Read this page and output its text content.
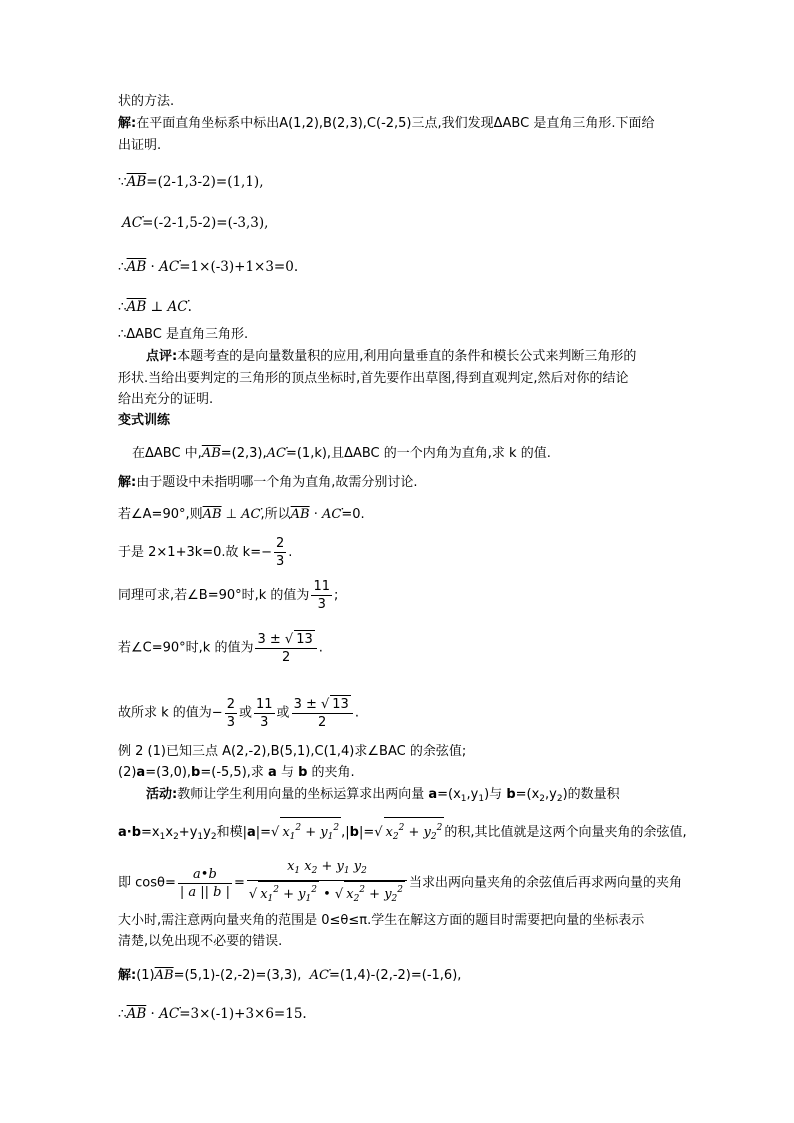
状的方法.
解:在平面直角坐标系中标出A(1,2),B(2,3),C(-2,5)三点,我们发现ΔABC 是直角三角形.下面给
出证明.
$\because\overline{AB}=(2-1,3-2)=(1,1)$,
AC ·=(-2-1,5-2)=(-3,3),
$\therefore\overline{AB}$ · AC ·=1×(-3)+1×3=0.
$\therefore\overline{AB}$ ⊥ AC ·.
∴ΔABC 是直角三角形.
点评:本题考查的是向量数量积的应用,利用向量垂直的条件和模长公式来判断三角形的
形状.当给出要判定的三角形的顶点坐标时,首先要作出草图,得到直观判定,然后对你的结论
给出充分的证明.
变式训练
在ΔABC 中$,\overline{AB}=(2,3),AC \cdot=(1,k)$,且ΔABC 的一个内角为直角,求 k 的值.
解:由于题设中未指明哪一个角为直角,故需分别讨论.
若∠A=90°,则$\overline{AB}$ ⊥ AC ·,所以$\overline{AB}$ · AC ·=0.
于是 2×1+3k=0.故 $k=- \frac{2}{3}$ .
同理可求,若∠B=90°时,k 的值为 $\frac{11}{3}$ ;
若∠C=90°时,k 的值为 $\frac{3 \pm √ 13}{2}$ .
故所求 k 的值为− $\frac{2}{3}$ 或 $\frac{11}{3}$ 或 $\frac{3 \pm √ 13}{2}$ .
例 2 (1)已知三点 A(2,-2),B(5,1),C(1,4)求∠BAC 的余弦值;
(2)a=(3,0),b=(-5,5),求 a 与 b 的夹角.
活动:教师让学生利用向量的坐标运算求出两向量 $a=(x_1,y_1)$与 $b=(x_2,y_2)$的数量积
$a\cdot b=x_1x_2+y_1y_2$和模|a|=√ $x_1^2 + y_1^2$ ,|b|=√ $x_2^2 + y_2^2$ 的积,其比值就是这两个向量夹角的余弦值,
即 $\cos\theta= \frac{a•b}{| a || b |} = \frac{x_1 x_2 + y_1 y_2}{√ x_1^2 + y_1^2 • √ x_2^2 + y_2^2}$ 当求出两向量夹角的余弦值后再求两向量的夹角
大小时,需注意两向量夹角的范围是 0≤θ≤π.学生在解这方面的题目时需要把向量的坐标表示
清楚,以免出现不必要的错误.
解$:(1)\overline{AB}=(5,1)-(2,-2)=(3,3)$, AC ·=(1,4)-(2,-2)=(-1,6),
$\therefore\overline{AB}$ · AC ·=3×(-1)+3×6=15.
